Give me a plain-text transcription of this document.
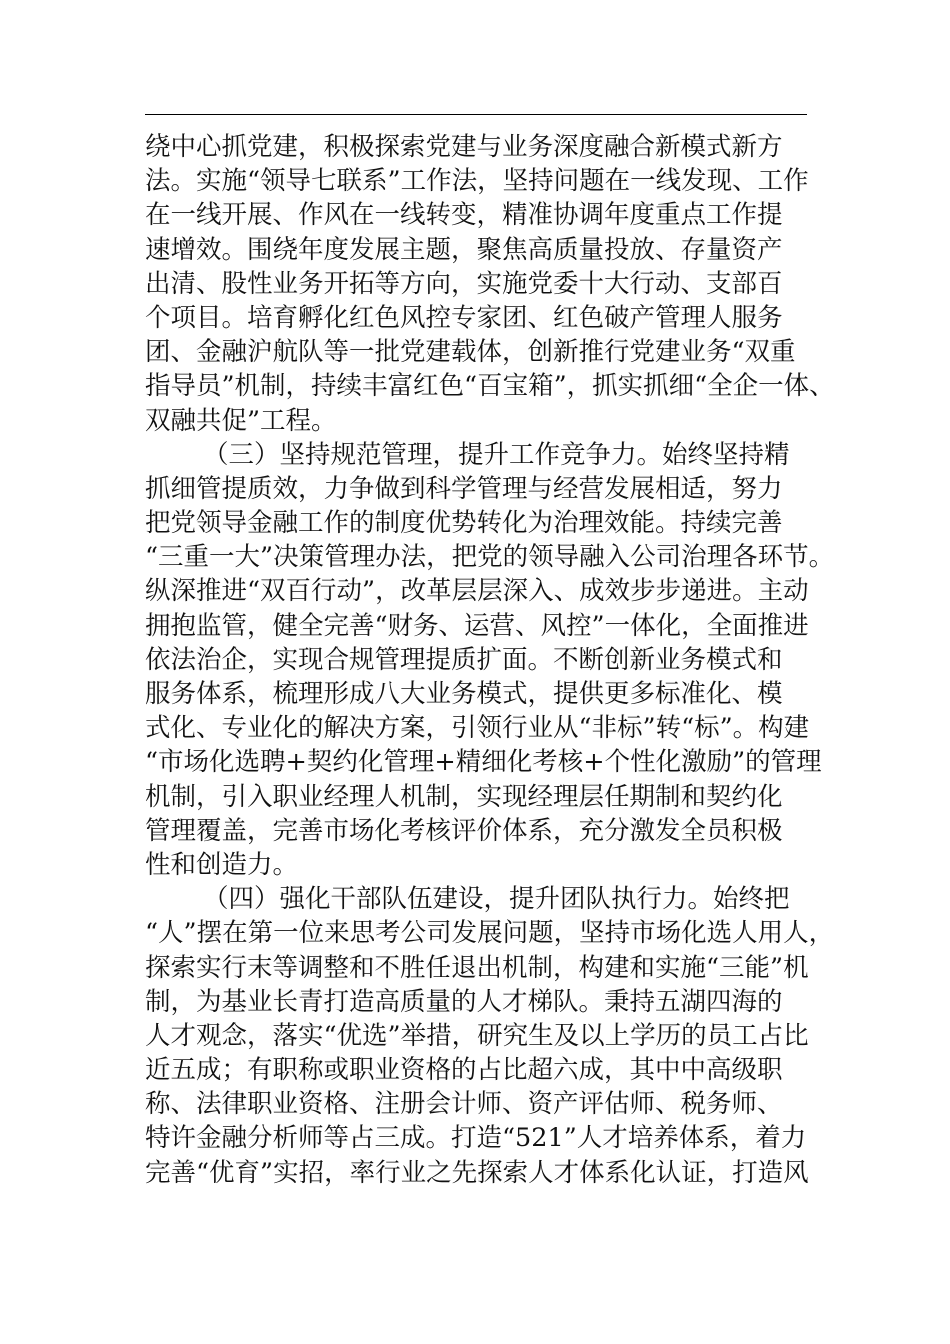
绕中心抓党建，积极探索党建与业务深度融合新模式新方
法。实施“领导七联系”工作法，坚持问题在一线发现、工作
在一线开展、作风在一线转变，精准协调年度重点工作提
速增效。围绕年度发展主题，聚焦高质量投放、存量资产
出清、股性业务开拓等方向，实施党委十大行动、支部百
个项目。培育孵化红色风控专家团、红色破产管理人服务
团、金融沪航队等一批党建载体，创新推行党建业务“双重
指导员”机制，持续丰富红色“百宝箱”，抓实抓细“全企一体、
双融共促”工程。
（三）坚持规范管理，提升工作竞争力。始终坚持精
抓细管提质效，力争做到科学管理与经营发展相适，努力
把党领导金融工作的制度优势转化为治理效能。持续完善
“三重一大”决策管理办法，把党的领导融入公司治理各环节。
纵深推进“双百行动”，改革层层深入、成效步步递进。主动
拥抱监管，健全完善“财务、运营、风控”一体化，全面推进
依法治企，实现合规管理提质扩面。不断创新业务模式和
服务体系，梳理形成八大业务模式，提供更多标准化、模
式化、专业化的解决方案，引领行业从“非标”转“标”。构建
“市场化选聘+契约化管理+精细化考核+个性化激励”的管理
机制，引入职业经理人机制，实现经理层任期制和契约化
管理覆盖，完善市场化考核评价体系，充分激发全员积极
性和创造力。
（四）强化干部队伍建设，提升团队执行力。始终把
“人”摆在第一位来思考公司发展问题，坚持市场化选人用人，
探索实行末等调整和不胜任退出机制，构建和实施“三能”机
制，为基业长青打造高质量的人才梯队。秉持五湖四海的
人才观念，落实“优选”举措，研究生及以上学历的员工占比
近五成；有职称或职业资格的占比超六成，其中中高级职
称、法律职业资格、注册会计师、资产评估师、税务师、
特许金融分析师等占三成。打造“521”人才培养体系，着力
完善“优育”实招，率行业之先探索人才体系化认证，打造风
